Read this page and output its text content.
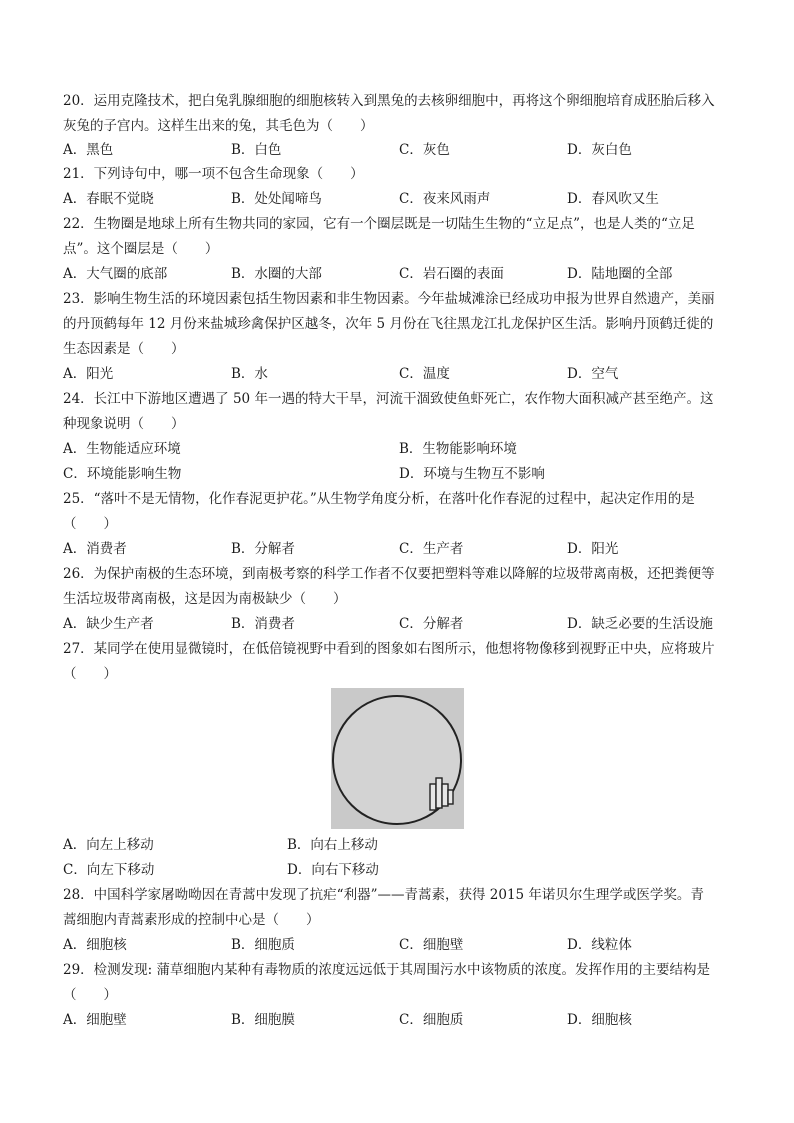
20．运用克隆技术，把白兔乳腺细胞的细胞核转入到黑兔的去核卵细胞中，再将这个卵细胞培育成胚胎后移入
灰兔的子宫内。这样生出来的兔，其毛色为（　　）
A．黑色	B．白色	C．灰色	D．灰白色
21．下列诗句中，哪一项不包含生命现象（　　）
A．春眠不觉晓	B．处处闻啼鸟	C．夜来风雨声	D．春风吹又生
22．生物圈是地球上所有生物共同的家园，它有一个圈层既是一切陆生生物的“立足点”，也是人类的“立足
点”。这个圈层是（　　）
A．大气圈的底部	B．水圈的大部	C．岩石圈的表面	D．陆地圈的全部
23．影响生物生活的环境因素包括生物因素和非生物因素。今年盐城滩涂已经成功申报为世界自然遗产，美丽
的丹顶鹤每年 12 月份来盐城珍禽保护区越冬，次年 5 月份在飞往黑龙江扎龙保护区生活。影响丹顶鹤迁徙的
生态因素是（　　）
A．阳光	B．水	C．温度	D．空气
24．长江中下游地区遭遇了 50 年一遇的特大干旱，河流干涸致使鱼虾死亡，农作物大面积减产甚至绝产。这
种现象说明（　　）
A．生物能适应环境	B．生物能影响环境
C．环境能影响生物	D．环境与生物互不影响
25．“落叶不是无情物，化作春泥更护花。”从生物学角度分析，在落叶化作春泥的过程中，起决定作用的是
（　　）
A．消费者	B．分解者	C．生产者	D．阳光
26．为保护南极的生态环境，到南极考察的科学工作者不仅要把塑料等难以降解的垃圾带离南极，还把粪便等
生活垃圾带离南极，这是因为南极缺少（　　）
A．缺少生产者	B．消费者	C．分解者	D．缺乏必要的生活设施
27．某同学在使用显微镜时，在低倍镜视野中看到的图象如右图所示，他想将物像移到视野正中央，应将玻片
（　　）
A．向左上移动	B．向右上移动
C．向左下移动	D．向右下移动
28．中国科学家屠呦呦因在青蒿中发现了抗疟“利器”——青蒿素，获得 2015 年诺贝尔生理学或医学奖。青
蒿细胞内青蒿素形成的控制中心是（　　）
A．细胞核	B．细胞质	C．细胞壁	D．线粒体
29．检测发现: 蒲草细胞内某种有毒物质的浓度远远低于其周围污水中该物质的浓度。发挥作用的主要结构是
（　　）
A．细胞壁	B．细胞膜	C．细胞质	D．细胞核
